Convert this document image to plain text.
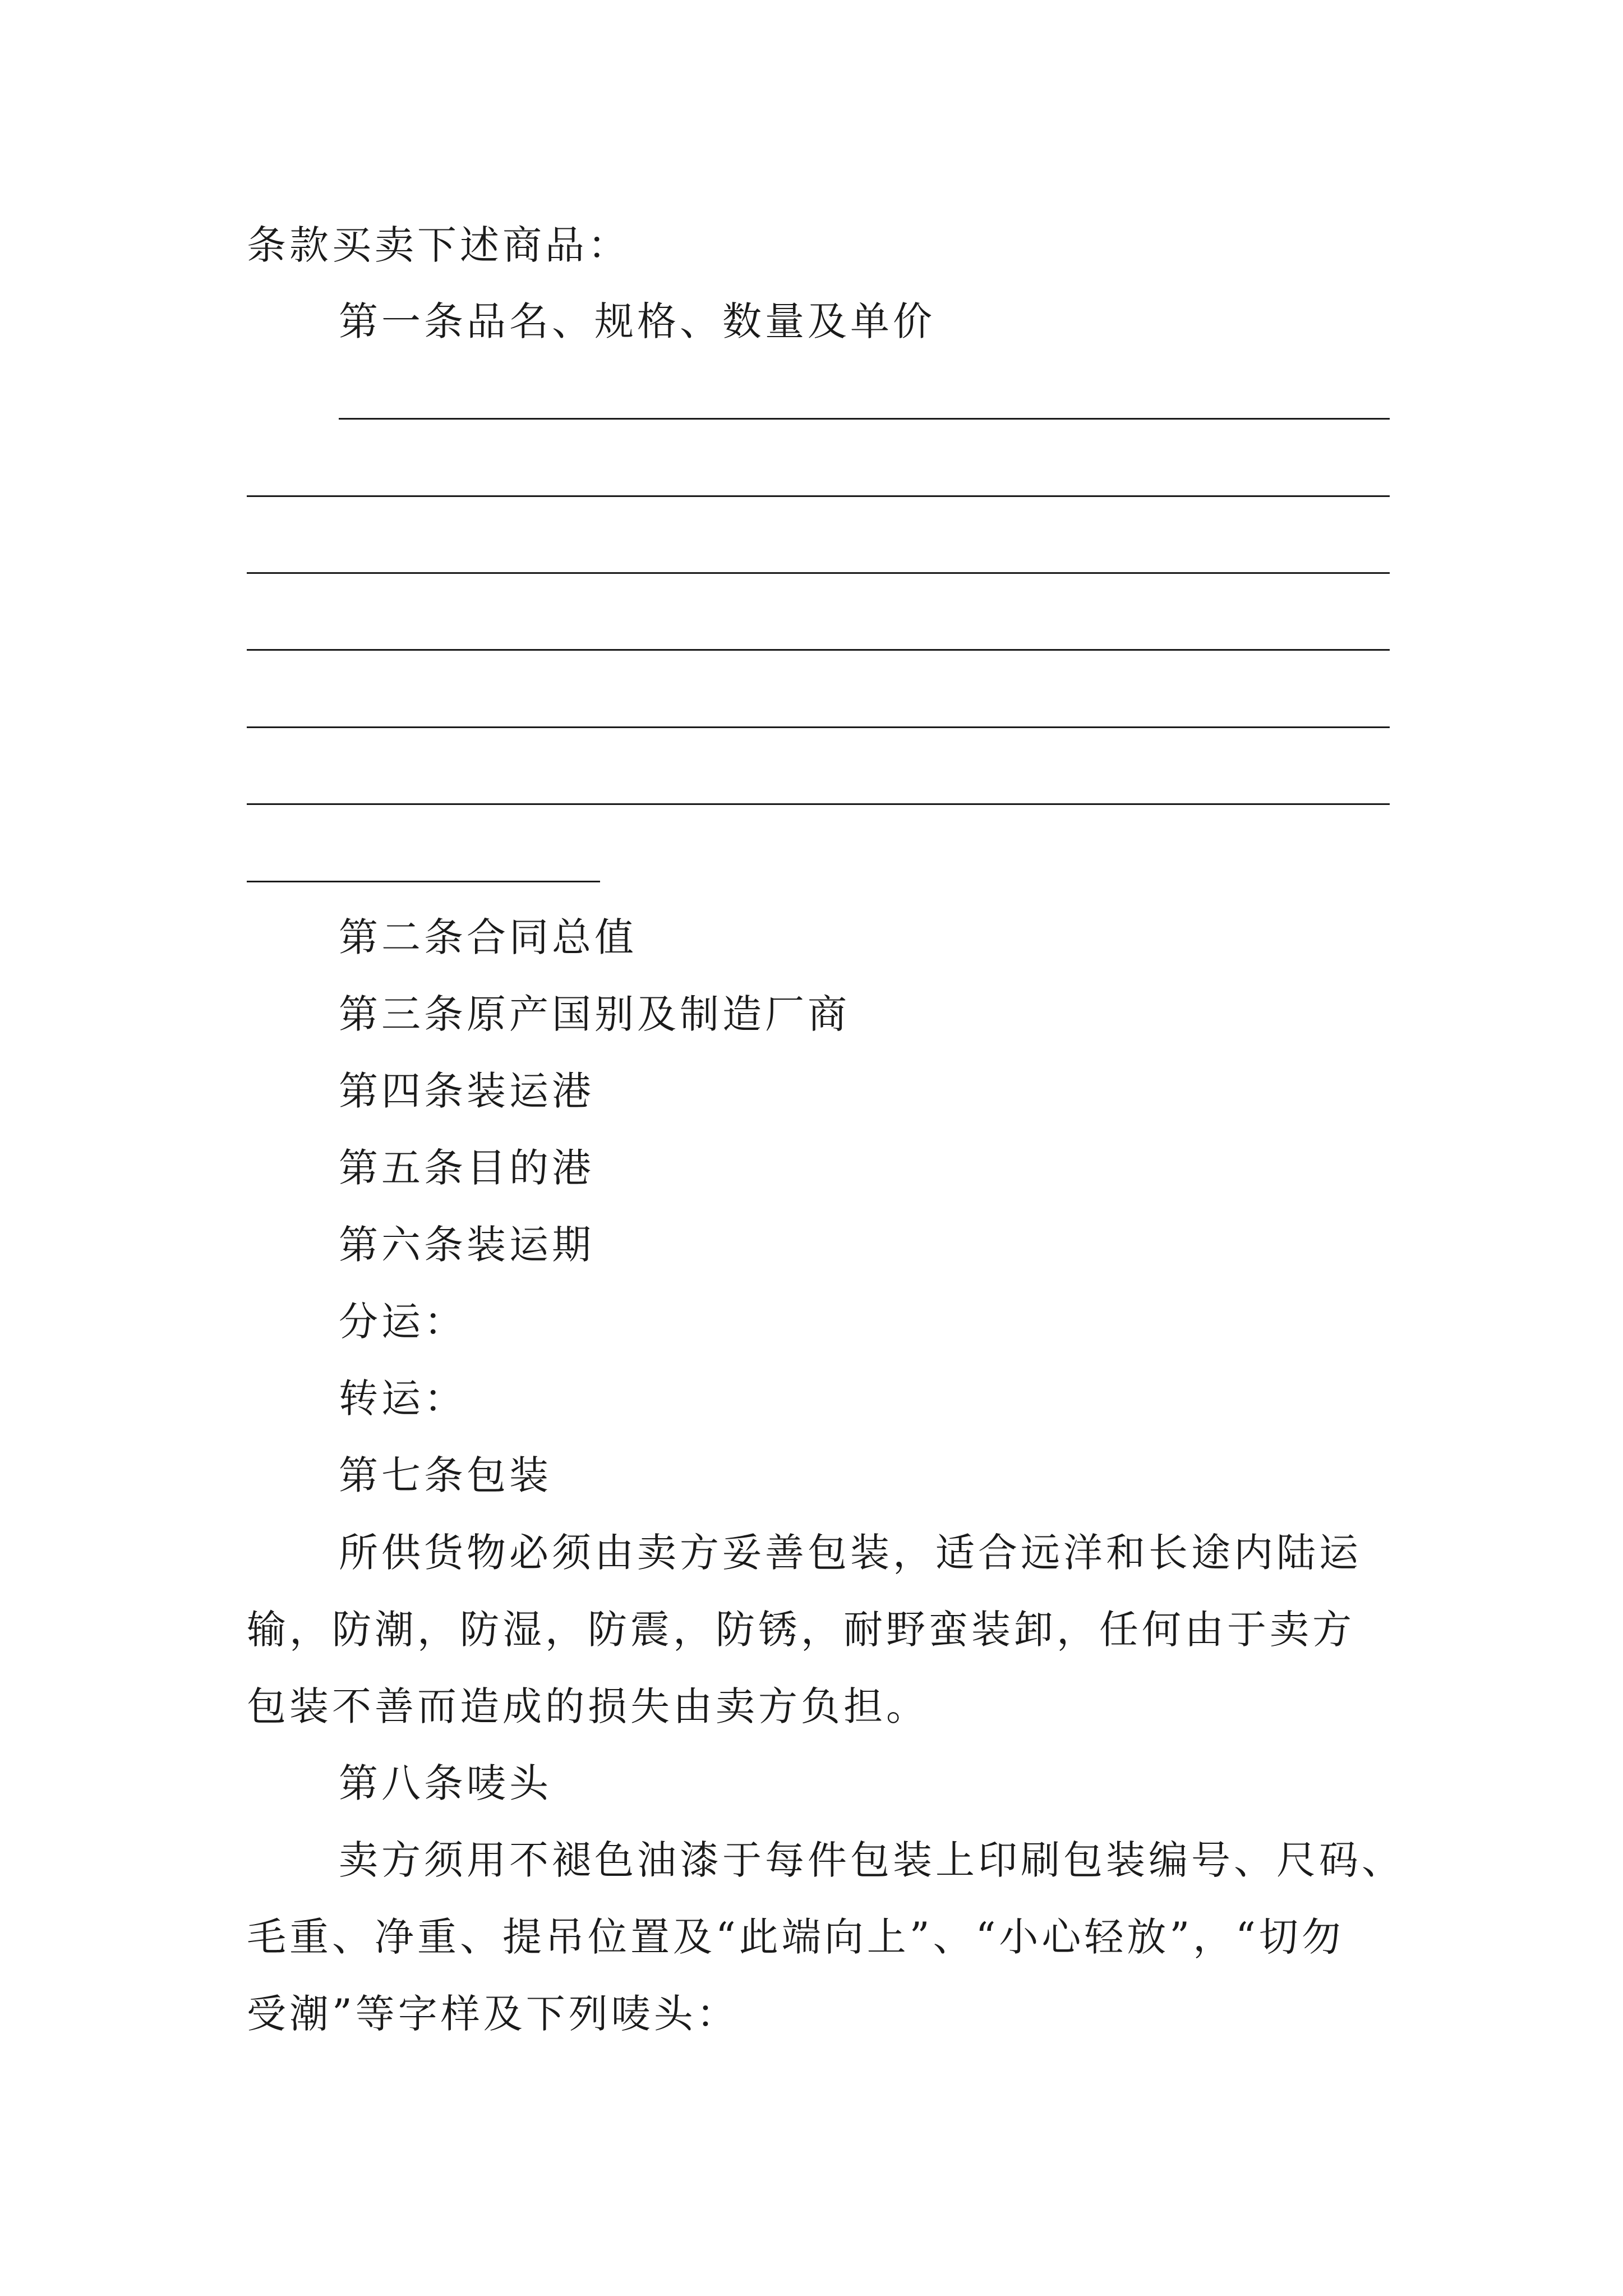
条款买卖下述商品：
第一条品名、规格、数量及单价
第二条合同总值
第三条原产国别及制造厂商
第四条装运港
第五条目的港
第六条装运期
分运：
转运：
第七条包装
所供货物必须由卖方妥善包装，适合远洋和长途内陆运
输，防潮，防湿，防震，防锈，耐野蛮装卸，任何由于卖方
包装不善而造成的损失由卖方负担。
第八条唛头
卖方须用不褪色油漆于每件包装上印刷包装编号、尺码、
毛重、净重、提吊位置及“此端向上”、“小心轻放”，“切勿
受潮”等字样及下列唛头：
